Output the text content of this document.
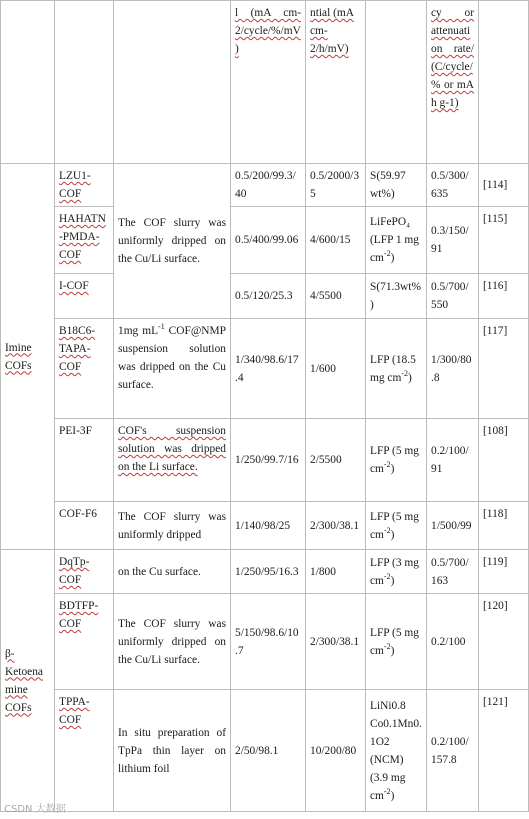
			l (mA cm-2/cycle/%/mV)	ntial (mA cm-2/h/mV)		cy or attenuation rate/ (C/cycle/% or mA h g-1)	
Imine COFs	LZU1-COF	The COF slurry was uniformly dripped on the Cu/Li surface.	0.5/200/99.3/40	0.5/2000/35	S(59.97 wt%)	0.5/300/635	[114]
	HAHATN-PMDA-COF		0.5/400/99.06	4/600/15	LiFePO₄ (LFP 1 mg $cm^{-2}$)	0.3/150/91	[115]
	I-COF		0.5/120/25.3	4/5500	S(71.3wt%)	0.5/700/550	[116]
	B18C6-TAPA-COF	1mg $mL^{-1}$ COF@NMP suspension solution was dripped on the Cu surface.	1/340/98.6/17.4	1/600	LFP (18.5 mg $cm^{-2}$)	1/300/80.8	[117]
	PEI-3F	COF's suspension solution was dripped on the Li surface.	1/250/99.7/16	2/5500	LFP (5 mg $cm^{-2}$)	0.2/100/91	[108]
	COF-F6	The COF slurry was uniformly dripped	1/140/98/25	2/300/38.1	LFP (5 mg $cm^{-2}$)	1/500/99	[118]
β-Ketoenamine COFs	DqTp-COF	on the Cu surface.	1/250/95/16.3	1/800	LFP (3 mg $cm^{-2}$)	0.5/700/163	[119]
	BDTFP-COF	The COF slurry was uniformly dripped on the Cu/Li surface.	5/150/98.6/10.7	2/300/38.1	LFP (5 mg $cm^{-2}$)	0.2/100	[120]
	TPPA-COF	In situ preparation of TpPa thin layer on lithium foil	2/50/98.1	10/200/80	LiNi0.8 Co0.1Mn0.1O2 (NCM) (3.9 mg $cm^{-2}$)	0.2/100/157.8	[121]
CSDN 大数据
